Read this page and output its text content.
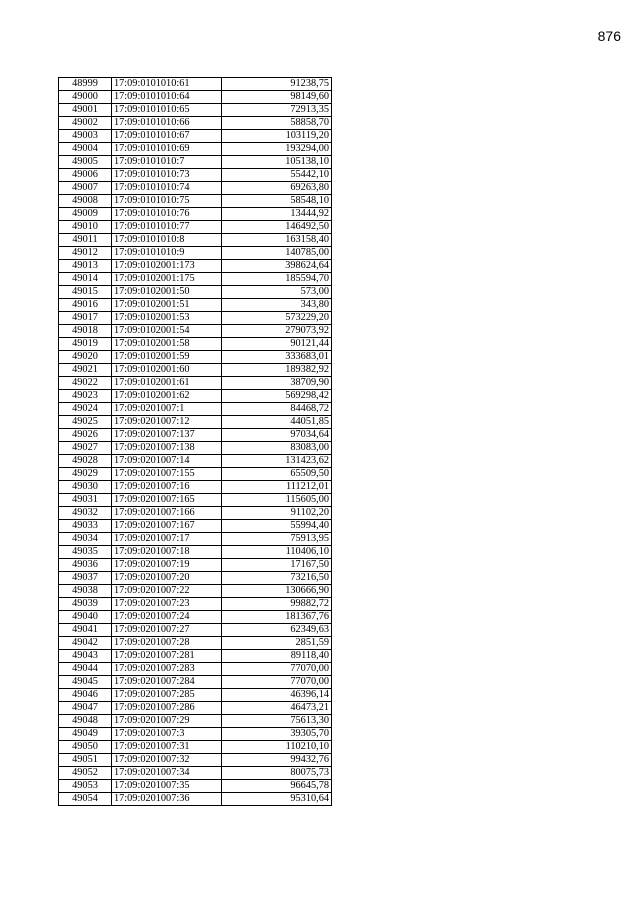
876
48999	17:09:0101010:61	91238,75
49000	17:09:0101010:64	98149,60
49001	17:09:0101010:65	72913,35
49002	17:09:0101010:66	58858,70
49003	17:09:0101010:67	103119,20
49004	17:09:0101010:69	193294,00
49005	17:09:0101010:7	105138,10
49006	17:09:0101010:73	55442,10
49007	17:09:0101010:74	69263,80
49008	17:09:0101010:75	58548,10
49009	17:09:0101010:76	13444,92
49010	17:09:0101010:77	146492,50
49011	17:09:0101010:8	163158,40
49012	17:09:0101010:9	140785,00
49013	17:09:0102001:173	398624,64
49014	17:09:0102001:175	185594,70
49015	17:09:0102001:50	573,00
49016	17:09:0102001:51	343,80
49017	17:09:0102001:53	573229,20
49018	17:09:0102001:54	279073,92
49019	17:09:0102001:58	90121,44
49020	17:09:0102001:59	333683,01
49021	17:09:0102001:60	189382,92
49022	17:09:0102001:61	38709,90
49023	17:09:0102001:62	569298,42
49024	17:09:0201007:1	84468,72
49025	17:09:0201007:12	44051,85
49026	17:09:0201007:137	97034,64
49027	17:09:0201007:138	83083,00
49028	17:09:0201007:14	131423,62
49029	17:09:0201007:155	65509,50
49030	17:09:0201007:16	111212,01
49031	17:09:0201007:165	115605,00
49032	17:09:0201007:166	91102,20
49033	17:09:0201007:167	55994,40
49034	17:09:0201007:17	75913,95
49035	17:09:0201007:18	110406,10
49036	17:09:0201007:19	17167,50
49037	17:09:0201007:20	73216,50
49038	17:09:0201007:22	130666,90
49039	17:09:0201007:23	99882,72
49040	17:09:0201007:24	181367,76
49041	17:09:0201007:27	62349,63
49042	17:09:0201007:28	2851,59
49043	17:09:0201007:281	89118,40
49044	17:09:0201007:283	77070,00
49045	17:09:0201007:284	77070,00
49046	17:09:0201007:285	46396,14
49047	17:09:0201007:286	46473,21
49048	17:09:0201007:29	75613,30
49049	17:09:0201007:3	39305,70
49050	17:09:0201007:31	110210,10
49051	17:09:0201007:32	99432,76
49052	17:09:0201007:34	80075,73
49053	17:09:0201007:35	96645,78
49054	17:09:0201007:36	95310,64
